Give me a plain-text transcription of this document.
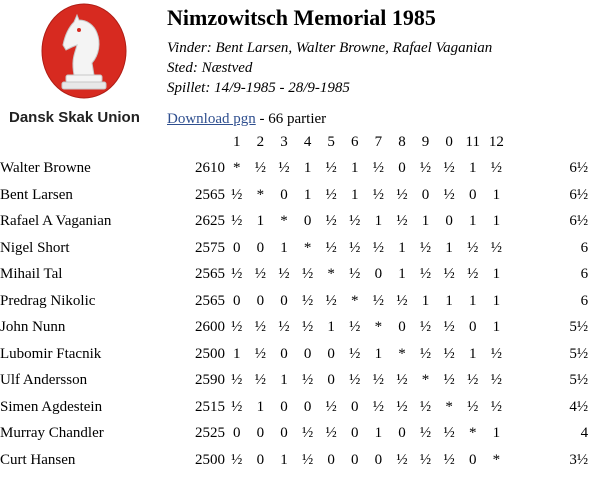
Dansk Skak Union
Nimzowitsch Memorial 1985
Vinder: Bent Larsen, Walter Browne, Rafael Vaganian
Sted: Næstved
Spillet: 14/9-1985 - 28/9-1985
Download pgn - 66 partier
		1	2	3	4	5	6	7	8	9	0	11	12	
Walter Browne	2610	*	½	½	1	½	1	½	0	½	½	1	½	6½
Bent Larsen	2565	½	*	0	1	½	1	½	½	0	½	0	1	6½
Rafael A Vaganian	2625	½	1	*	0	½	½	1	½	1	0	1	1	6½
Nigel Short	2575	0	0	1	*	½	½	½	1	½	1	½	½	6
Mihail Tal	2565	½	½	½	½	*	½	0	1	½	½	½	1	6
Predrag Nikolic	2565	0	0	0	½	½	*	½	½	1	1	1	1	6
John Nunn	2600	½	½	½	½	1	½	*	0	½	½	0	1	5½
Lubomir Ftacnik	2500	1	½	0	0	0	½	1	*	½	½	1	½	5½
Ulf Andersson	2590	½	½	1	½	0	½	½	½	*	½	½	½	5½
Simen Agdestein	2515	½	1	0	0	½	0	½	½	½	*	½	½	4½
Murray Chandler	2525	0	0	0	½	½	0	1	0	½	½	*	1	4
Curt Hansen	2500	½	0	1	½	0	0	0	½	½	½	0	*	3½
